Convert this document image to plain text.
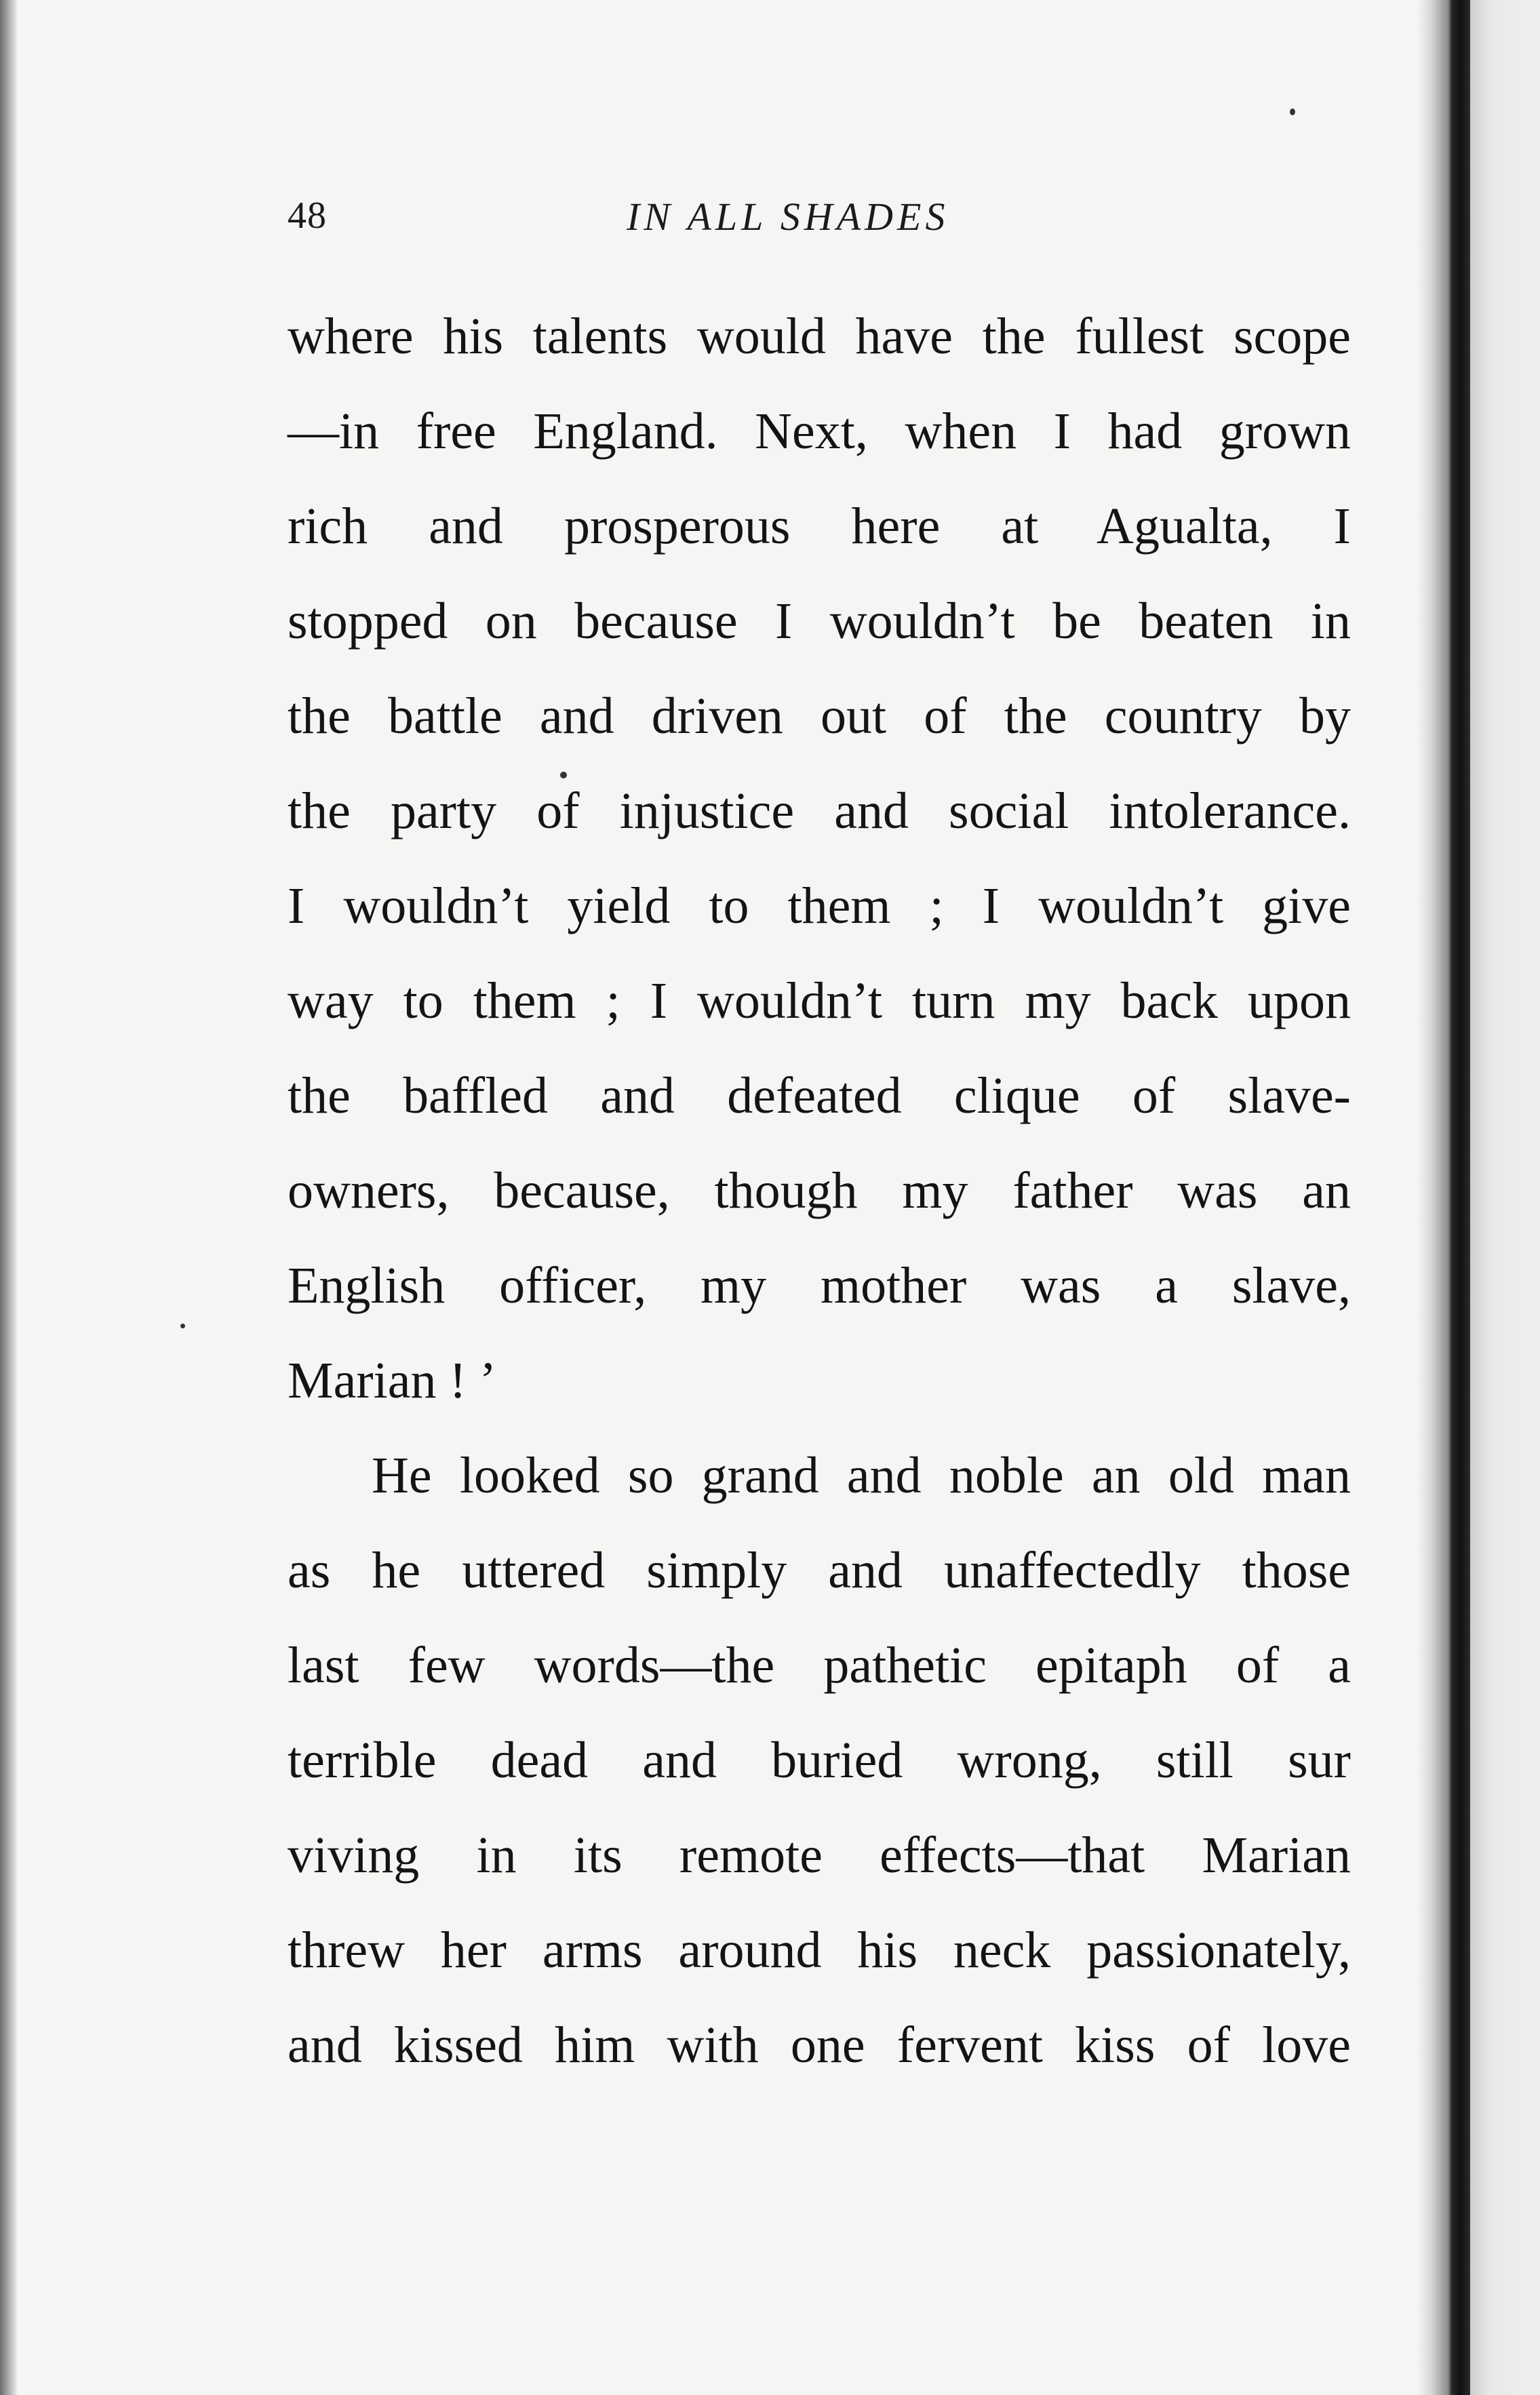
48	IN ALL SHADES
where his talents would have the fullest scope
—in free England. Next, when I had grown
rich and prosperous here at Agualta, I
stopped on because I wouldn’t be beaten in
the battle and driven out of the country by
the party of injustice and social intolerance.
I wouldn’t yield to them ; I wouldn’t give
way to them ; I wouldn’t turn my back upon
the baffled and defeated clique of slave-
owners, because, though my father was an
English officer, my mother was a slave,
Marian ! ’
He looked so grand and noble an old man
as he uttered simply and unaffectedly those
last few words—the pathetic epitaph of a
terrible dead and buried wrong, still sur
viving in its remote effects—that Marian
threw her arms around his neck passionately,
and kissed him with one fervent kiss of love
